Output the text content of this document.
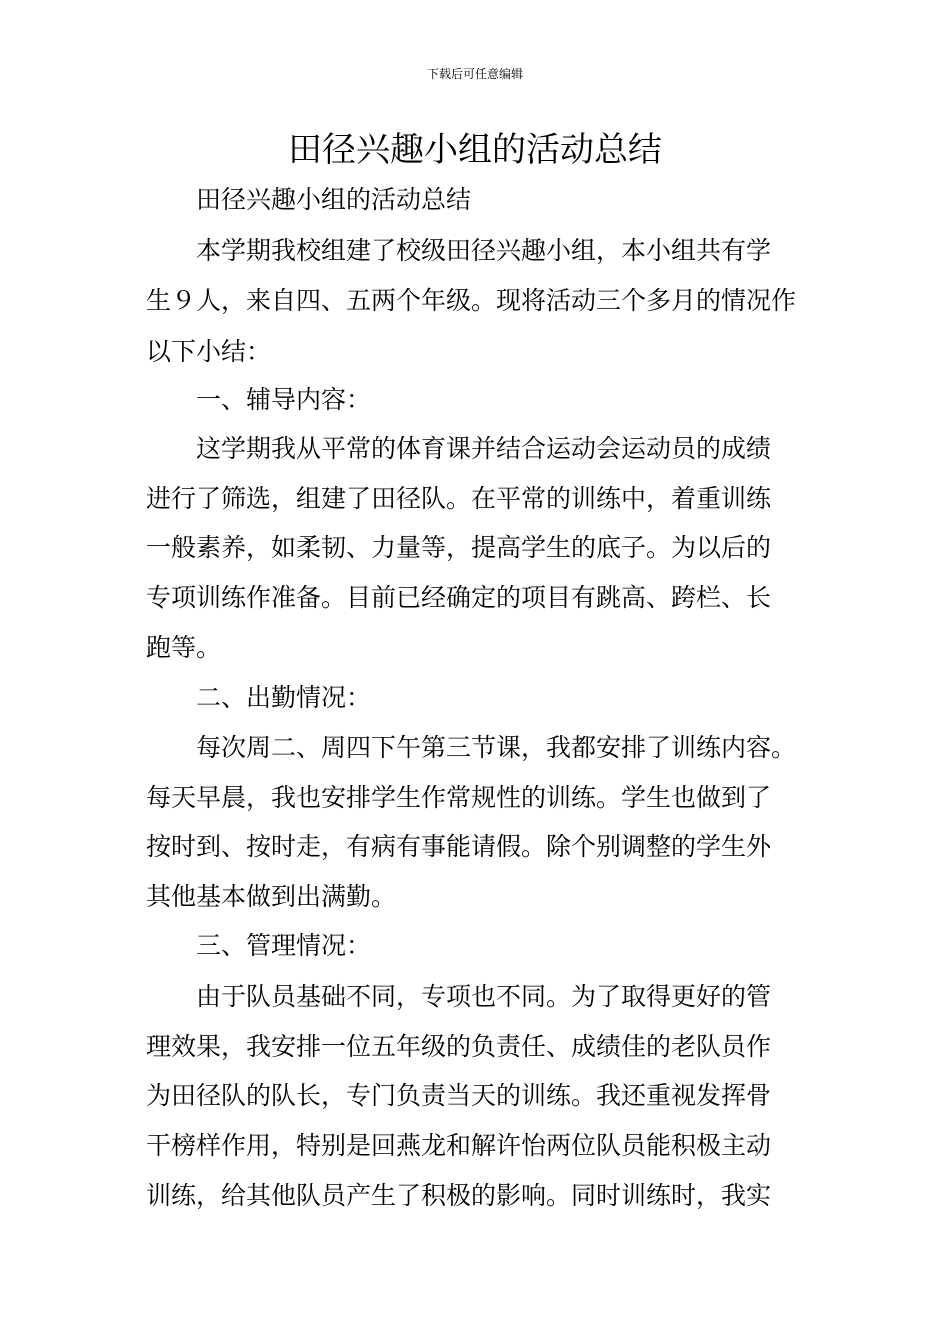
下载后可任意编辑
田径兴趣小组的活动总结
田径兴趣小组的活动总结
本学期我校组建了校级田径兴趣小组，本小组共有学
生９人，来自四、五两个年级。现将活动三个多月的情况作
以下小结：
一、辅导内容：
这学期我从平常的体育课并结合运动会运动员的成绩
进行了筛选，组建了田径队。在平常的训练中，着重训练
一般素养，如柔韧、力量等，提高学生的底子。为以后的
专项训练作准备。目前已经确定的项目有跳高、跨栏、长
跑等。
二、出勤情况：
每次周二、周四下午第三节课，我都安排了训练内容。
每天早晨，我也安排学生作常规性的训练。学生也做到了
按时到、按时走，有病有事能请假。除个别调整的学生外
其他基本做到出满勤。
三、管理情况：
由于队员基础不同，专项也不同。为了取得更好的管
理效果，我安排一位五年级的负责任、成绩佳的老队员作
为田径队的队长，专门负责当天的训练。我还重视发挥骨
干榜样作用，特别是回燕龙和解许怡两位队员能积极主动
训练，给其他队员产生了积极的影响。同时训练时，我实
